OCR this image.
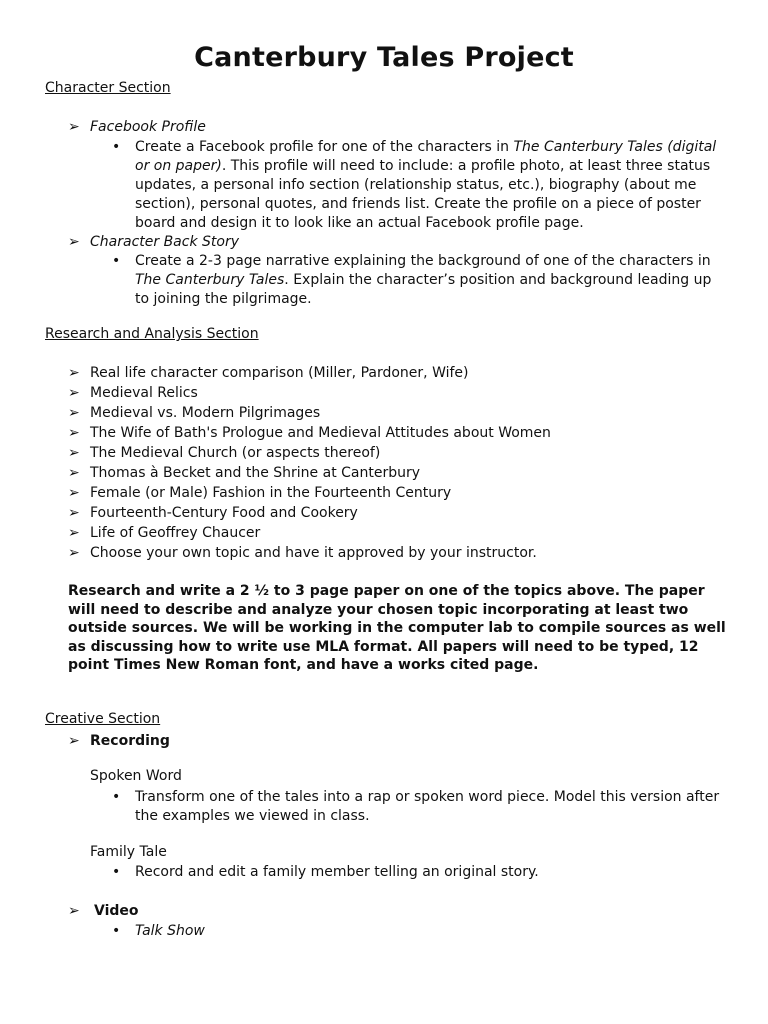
Canterbury Tales Project
Character Section
➢ Facebook Profile
•	Create a Facebook profile for one of the characters in The Canterbury Tales (digital or on paper). This profile will need to include: a profile photo, at least three status updates, a personal info section (relationship status, etc.), biography (about me section), personal quotes, and friends list. Create the profile on a piece of poster board and design it to look like an actual Facebook profile page.
➢ Character Back Story
•	Create a 2-3 page narrative explaining the background of one of the characters in The Canterbury Tales. Explain the character’s position and background leading up to joining the pilgrimage.
Research and Analysis Section
➢ Real life character comparison (Miller, Pardoner, Wife)
➢ Medieval Relics
➢ Medieval vs. Modern Pilgrimages
➢ The Wife of Bath's Prologue and Medieval Attitudes about Women
➢ The Medieval Church (or aspects thereof)
➢ Thomas à Becket and the Shrine at Canterbury
➢ Female (or Male) Fashion in the Fourteenth Century
➢ Fourteenth-Century Food and Cookery
➢ Life of Geoffrey Chaucer
➢ Choose your own topic and have it approved by your instructor.
Research and write a 2 ½ to 3 page paper on one of the topics above. The paper will need to describe and analyze your chosen topic incorporating at least two outside sources. We will be working in the computer lab to compile sources as well as discussing how to write use MLA format. All papers will need to be typed, 12 point Times New Roman font, and have a works cited page.
Creative Section
➢ Recording
Spoken Word
•	Transform one of the tales into a rap or spoken word piece. Model this version after the examples we viewed in class.
Family Tale
•	Record and edit a family member telling an original story.
➢ Video
•	Talk Show
